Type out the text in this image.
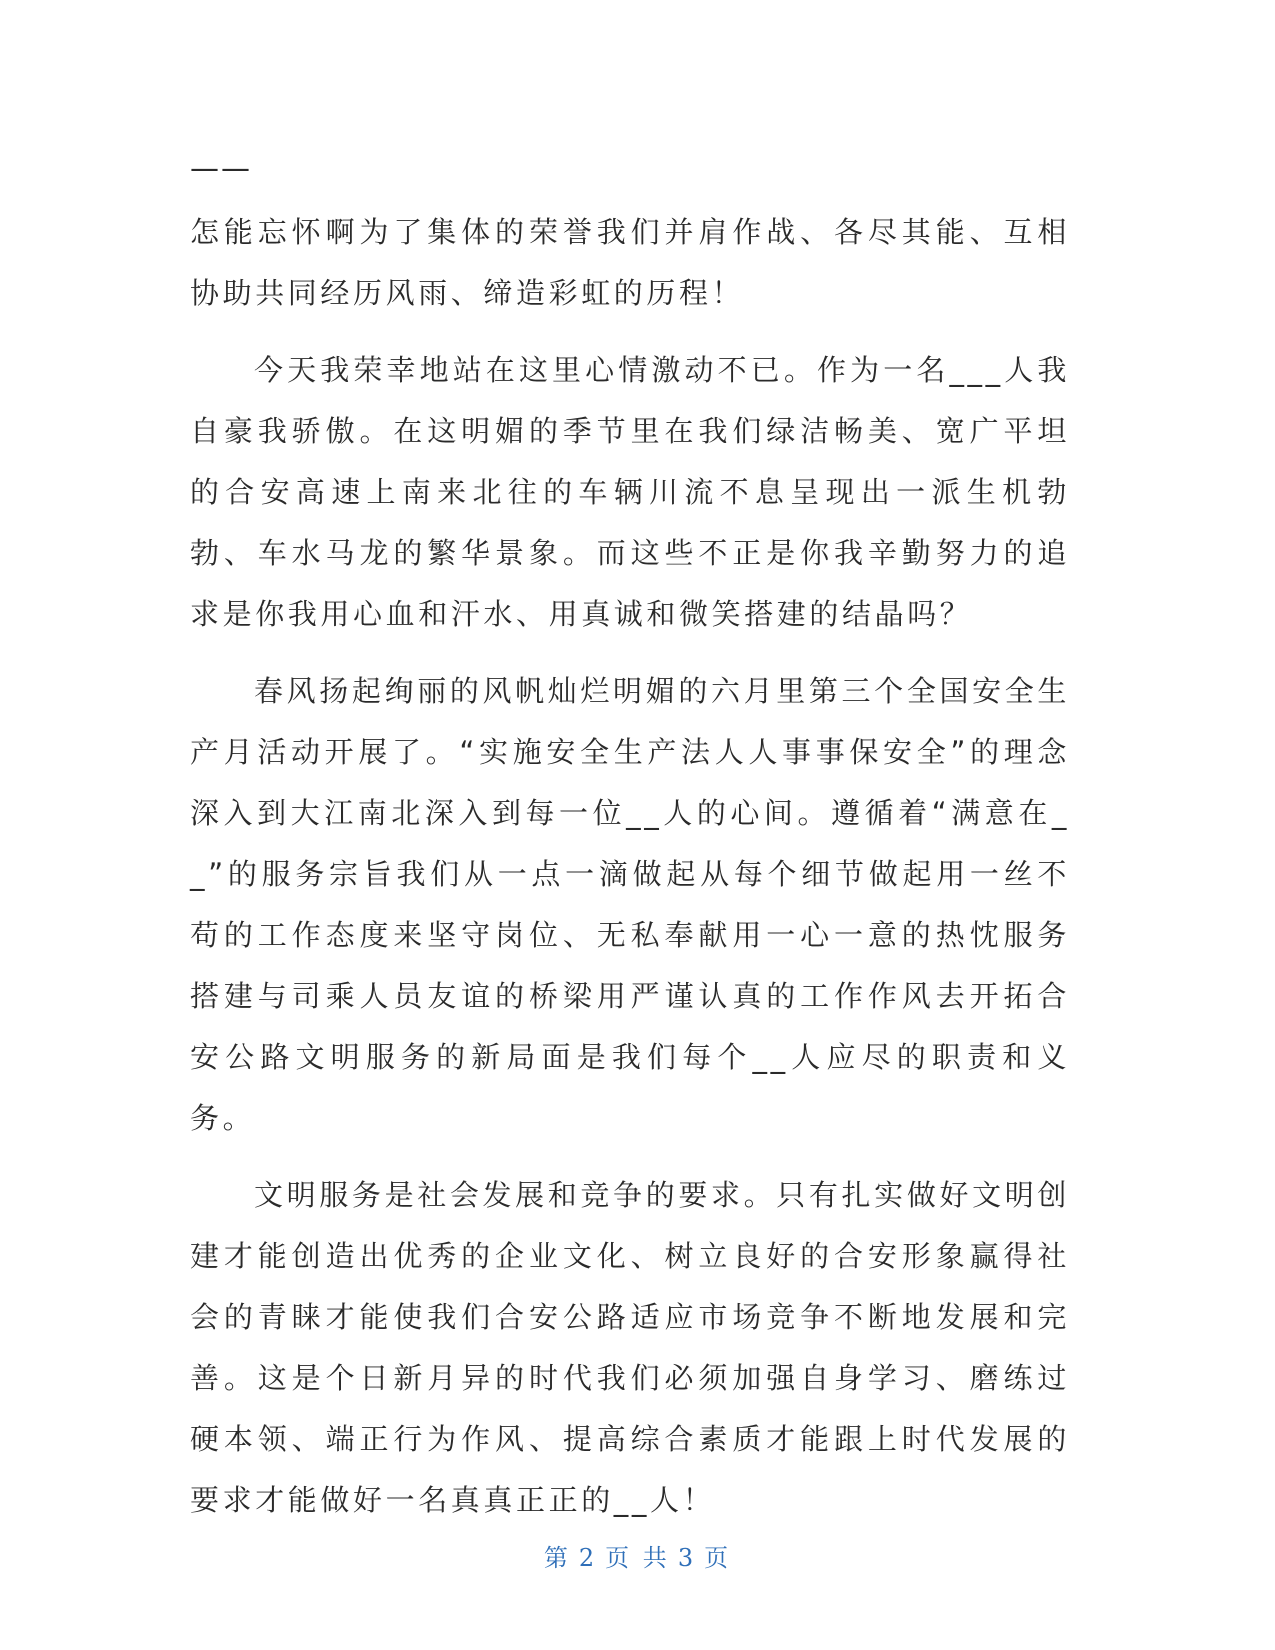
——

怎能忘怀啊为了集体的荣誉我们并肩作战、各尽其能、互相协助共同经历风雨、缔造彩虹的历程！

今天我荣幸地站在这里心情激动不已。作为一名___人我自豪我骄傲。在这明媚的季节里在我们绿洁畅美、宽广平坦的合安高速上南来北往的车辆川流不息呈现出一派生机勃勃、车水马龙的繁华景象。而这些不正是你我辛勤努力的追求是你我用心血和汗水、用真诚和微笑搭建的结晶吗？

春风扬起绚丽的风帆灿烂明媚的六月里第三个全国安全生产月活动开展了。“实施安全生产法人人事事保安全”的理念深入到大江南北深入到每一位__人的心间。遵循着“满意在__”的服务宗旨我们从一点一滴做起从每个细节做起用一丝不苟的工作态度来坚守岗位、无私奉献用一心一意的热忱服务搭建与司乘人员友谊的桥梁用严谨认真的工作作风去开拓合安公路文明服务的新局面是我们每个__人应尽的职责和义务。

文明服务是社会发展和竞争的要求。只有扎实做好文明创建才能创造出优秀的企业文化、树立良好的合安形象赢得社会的青睐才能使我们合安公路适应市场竞争不断地发展和完善。这是个日新月异的时代我们必须加强自身学习、磨练过硬本领、端正行为作风、提高综合素质才能跟上时代发展的要求才能做好一名真真正正的__人！

第 2 页 共 3 页
